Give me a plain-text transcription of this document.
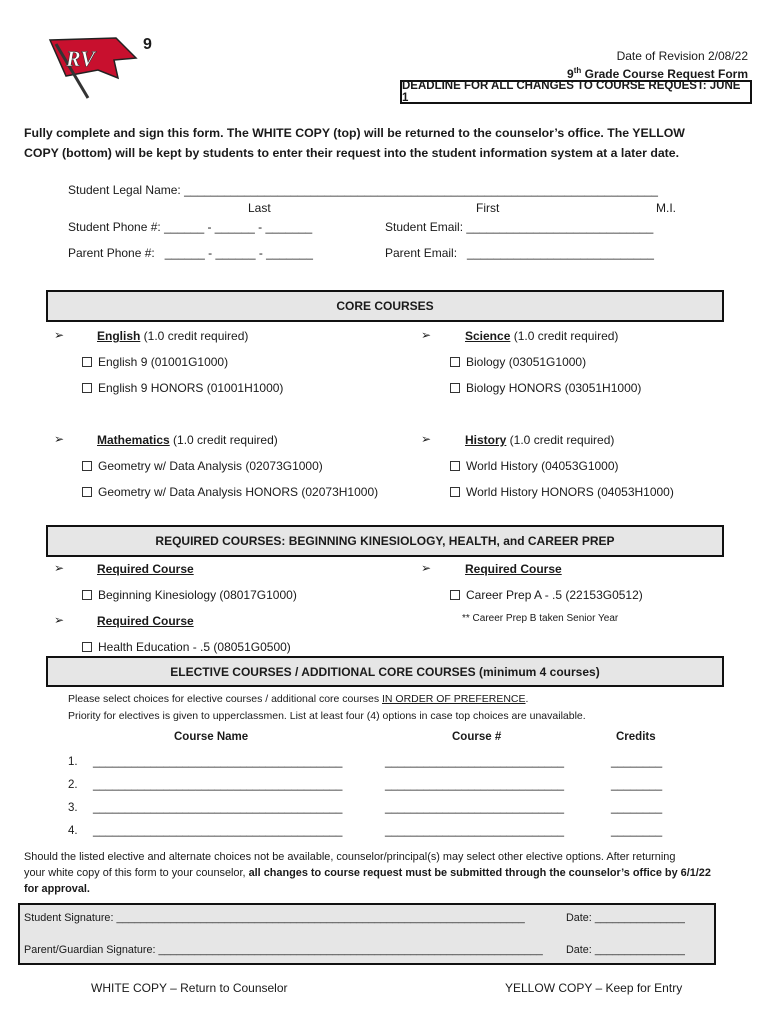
RV
9
Date of Revision 2/08/22
9th Grade Course Request Form
DEADLINE FOR ALL CHANGES TO COURSE REQUEST: JUNE 1
Fully complete and sign this form. The WHITE COPY (top) will be returned to the counselor’s office. The YELLOW
COPY (bottom) will be kept by students to enter their request into the student information system at a later date.
Student Legal Name: _______________________________________________________________________
Last	First	M.I.
Student Phone #: ______ - ______ - _______	Student Email: ____________________________
Parent Phone #: ______ - ______ - _______	Parent Email: ____________________________
CORE COURSES
➢	English (1.0 credit required)
English 9 (01001G1000)
English 9 HONORS (01001H1000)
➢	Science (1.0 credit required)
Biology (03051G1000)
Biology HONORS (03051H1000)
➢	Mathematics (1.0 credit required)
Geometry w/ Data Analysis (02073G1000)
Geometry w/ Data Analysis HONORS (02073H1000)
➢	History (1.0 credit required)
World History (04053G1000)
World History HONORS (04053H1000)
REQUIRED COURSES: BEGINNING KINESIOLOGY, HEALTH, and CAREER PREP
➢	Required Course
Beginning Kinesiology (08017G1000)
➢	Required Course
Career Prep A - .5 (22153G0512)
** Career Prep B taken Senior Year
➢	Required Course
Health Education - .5 (08051G0500)
ELECTIVE COURSES / ADDITIONAL CORE COURSES (minimum 4 courses)
Please select choices for elective courses / additional core courses IN ORDER OF PREFERENCE.
Priority for electives is given to upperclassmen. List at least four (4) options in case top choices are unavailable.
Course Name	Course #	Credits
1. _______________________________________	____________________________	________
2. _______________________________________	____________________________	________
3. _______________________________________	____________________________	________
4. _______________________________________	____________________________	________
Should the listed elective and alternate choices not be available, counselor/principal(s) may select other elective options. After returning
your white copy of this form to your counselor, all changes to course request must be submitted through the counselor’s office by 6/1/22
for approval.
Student Signature: ____________________________________________________________________	Date: _______________
Parent/Guardian Signature: ________________________________________________________________ Date: _______________
WHITE COPY – Return to Counselor	YELLOW COPY – Keep for Entry
